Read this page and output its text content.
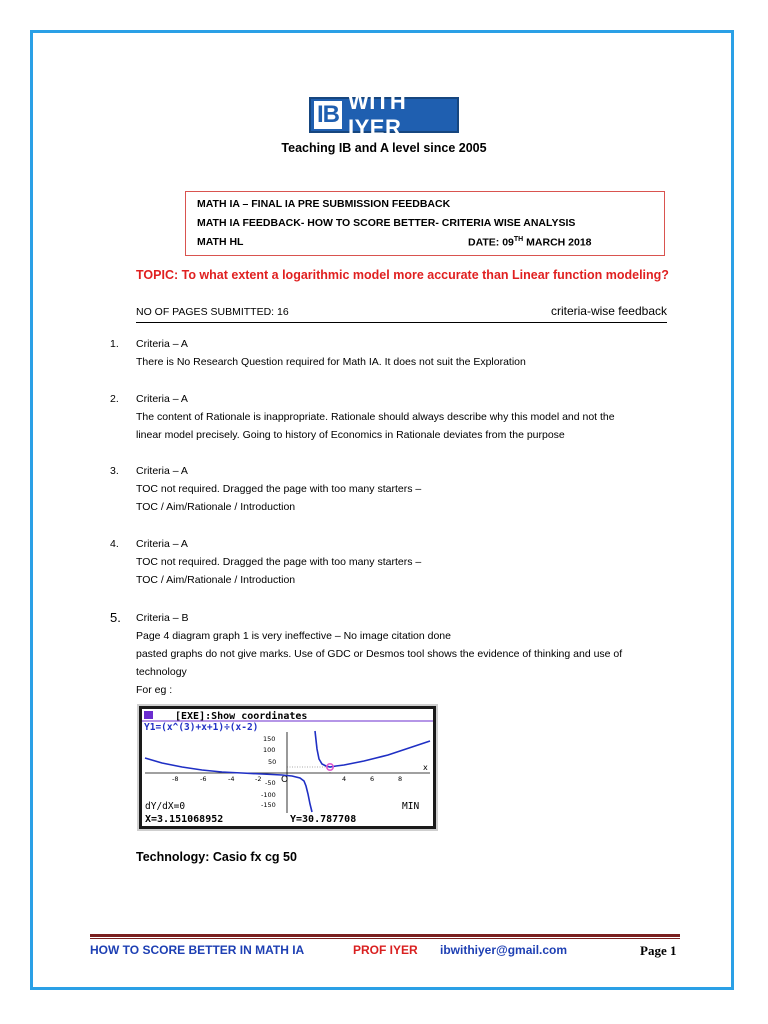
IB WITH IYER
Teaching IB and A level since 2005
MATH IA – FINAL IA PRE SUBMISSION FEEDBACK
MATH IA FEEDBACK- HOW TO SCORE BETTER- CRITERIA WISE ANALYSIS
MATH HL	DATE: 09TH MARCH 2018
TOPIC: To what extent a logarithmic model more accurate than Linear function modeling?
NO OF PAGES SUBMITTED: 16	criteria-wise feedback
1. Criteria – A
There is No Research Question required for Math IA. It does not suit the Exploration
2. Criteria – A
The content of Rationale is inappropriate. Rationale should always describe why this model and not the
linear model precisely. Going to history of Economics in Rationale deviates from the purpose
3. Criteria – A
TOC not required. Dragged the page with too many starters –
TOC / Aim/Rationale / Introduction
4. Criteria – A
TOC not required. Dragged the page with too many starters –
TOC / Aim/Rationale / Introduction
5. Criteria – B
Page 4 diagram graph 1 is very ineffective – No image citation done
pasted graphs do not give marks. Use of GDC or Desmos tool shows the evidence of thinking and use of
technology
For eg :
[EXE]:Show coordinates
Y1=(x^(3)+x+1)÷(x-2)
150
100
50
-50
-100
-150
-8	-6	-4	-2	4	6	8
x
O
dY/dX=0	MIN
X=3.151068952	Y=30.787708
Technology: Casio fx cg 50
HOW TO SCORE BETTER IN MATH IA	PROF IYER ibwithiyer@gmail.com	Page 1
